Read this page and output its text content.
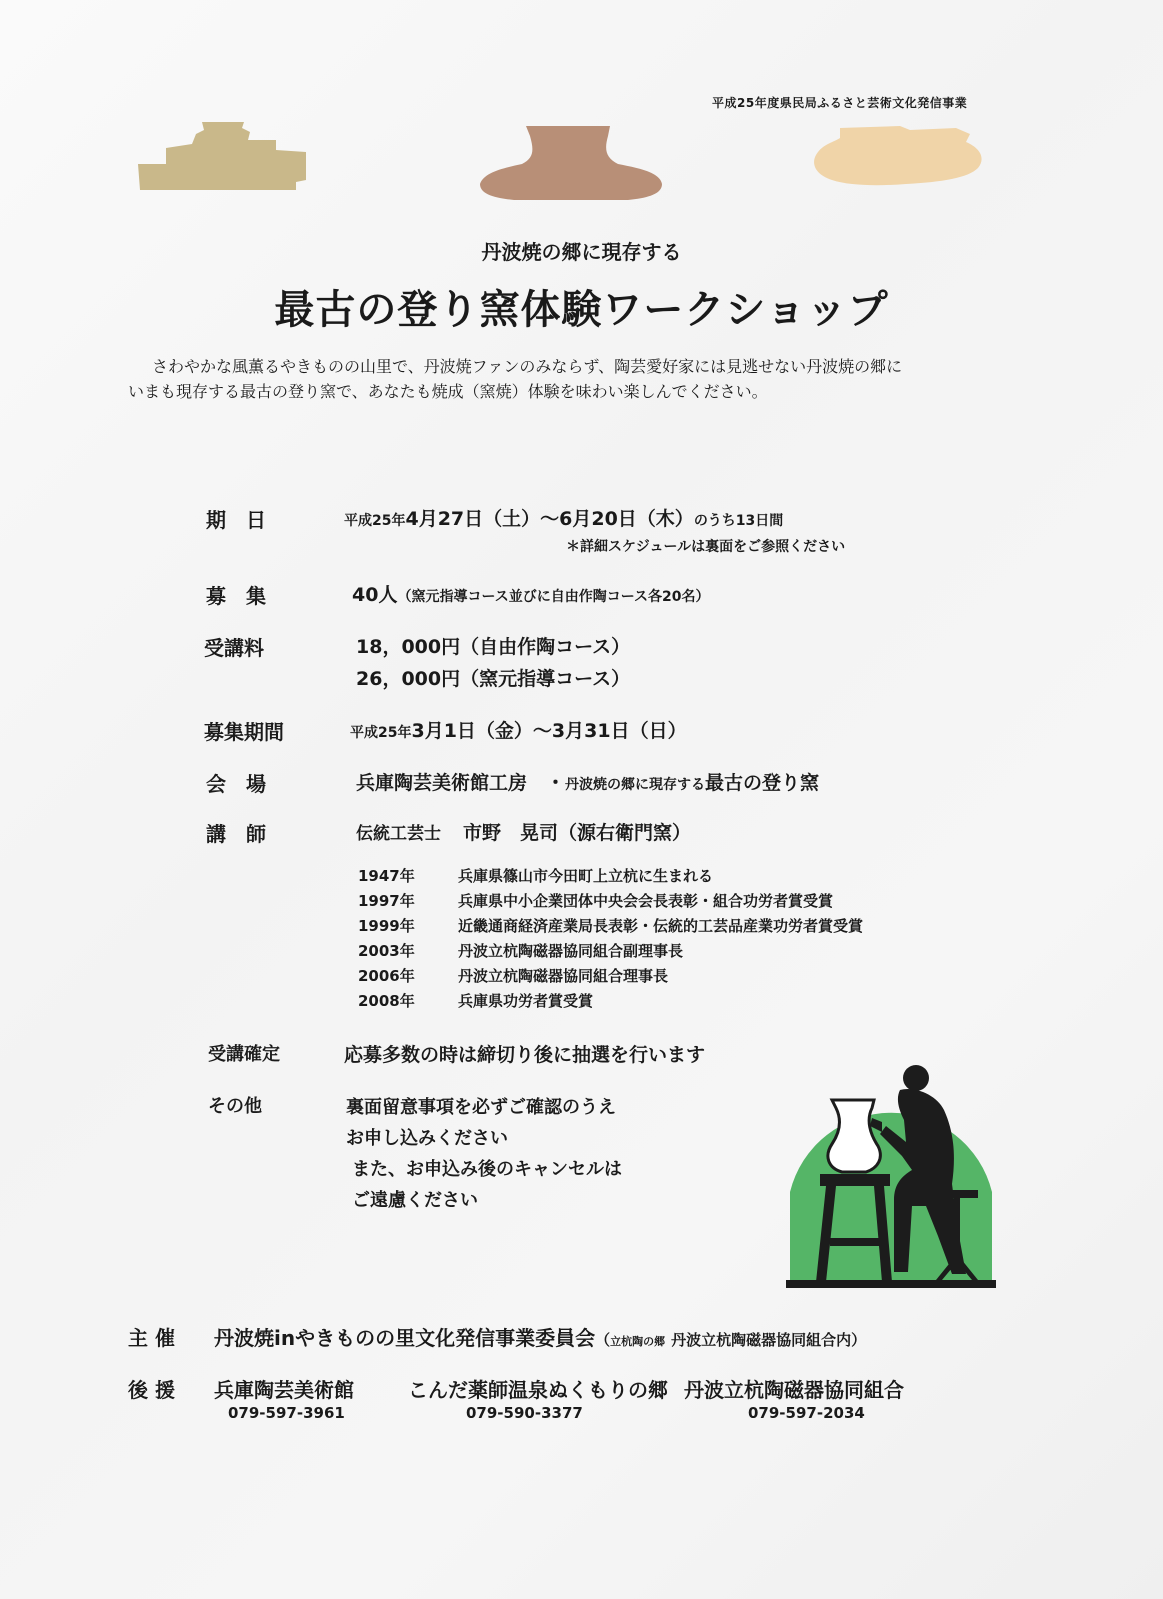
平成25年度県民局ふるさと芸術文化発信事業
丹波焼の郷に現存する
最古の登り窯体験ワークショップ
さわやかな風薫るやきものの山里で、丹波焼ファンのみならず、陶芸愛好家には見逃せない丹波焼の郷に
いまも現存する最古の登り窯で、あなたも焼成（窯焼）体験を味わい楽しんでください。
期　日	平成25年4月27日（土）〜6月20日（木）のうち13日間
＊詳細スケジュールは裏面をご参照ください
募　集	40人（窯元指導コース並びに自由作陶コース各20名）
受講料	18，000円（自由作陶コース）
26，000円（窯元指導コース）
募集期間	平成25年3月1日（金）〜3月31日（日）
会　場	兵庫陶芸美術館工房　・丹波焼の郷に現存する最古の登り窯
講　師	伝統工芸士 市野　晃司（源右衛門窯）
1947年	兵庫県篠山市今田町上立杭に生まれる
1997年	兵庫県中小企業団体中央会会長表彰・組合功労者賞受賞
1999年	近畿通商経済産業局長表彰・伝統的工芸品産業功労者賞受賞
2003年	丹波立杭陶磁器協同組合副理事長
2006年	丹波立杭陶磁器協同組合理事長
2008年	兵庫県功労者賞受賞
受講確定	応募多数の時は締切り後に抽選を行います
その他	裏面留意事項を必ずご確認のうえ
お申し込みください
また、お申込み後のキャンセルは
ご遠慮ください
主 催 丹波焼inやきものの里文化発信事業委員会（立杭陶の郷 丹波立杭陶磁器協同組合内）
後 援 兵庫陶芸美術館
079-597-3961
こんだ薬師温泉ぬくもりの郷
079-590-3377
丹波立杭陶磁器協同組合
079-597-2034
